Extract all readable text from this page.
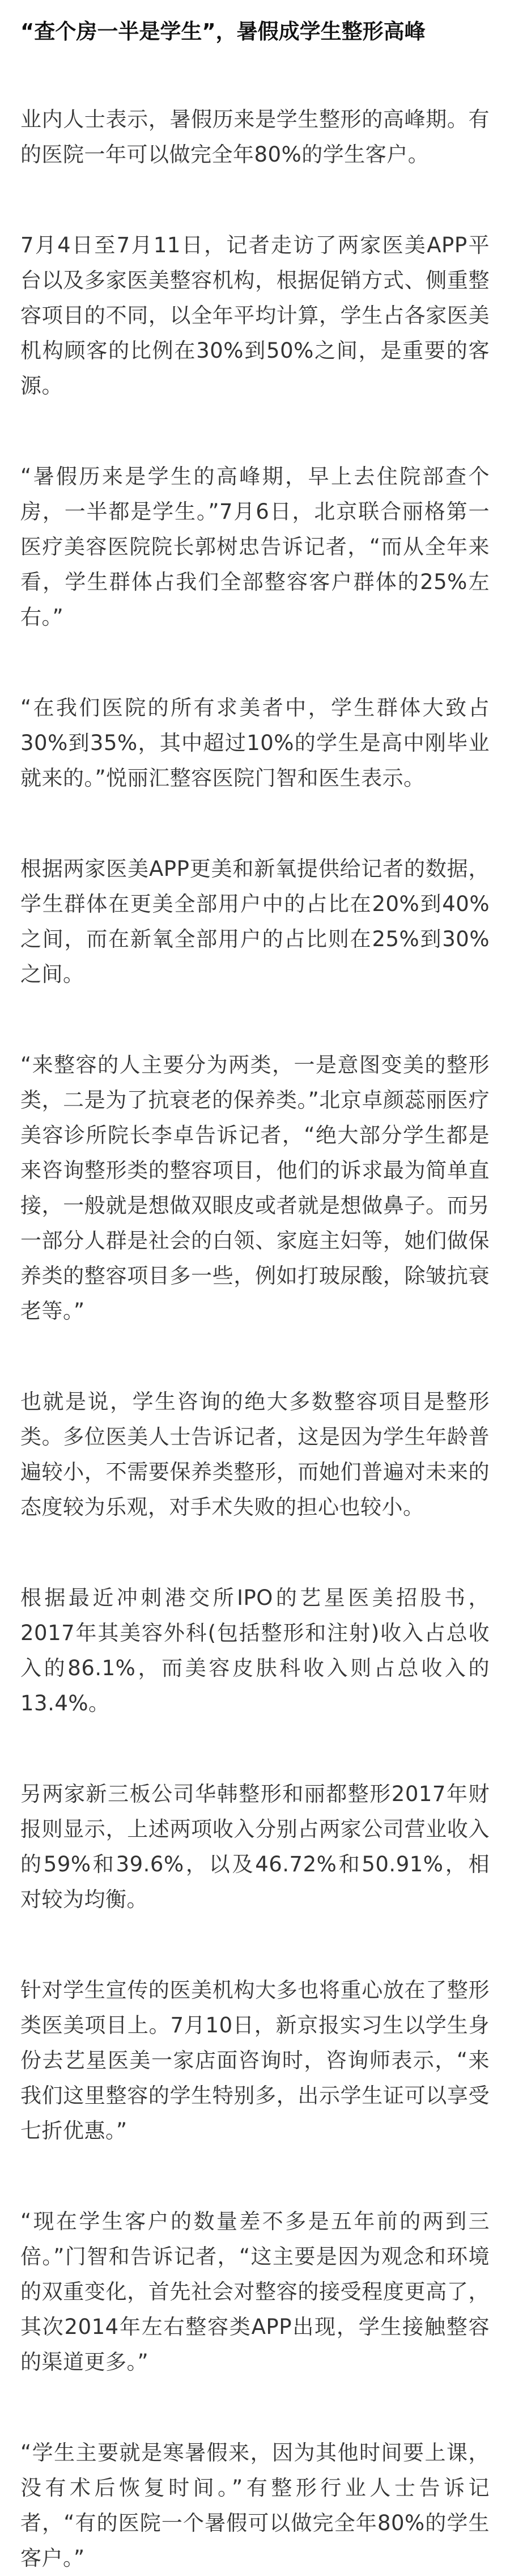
“查个房一半是学生”，暑假成学生整形高峰

业内人士表示，暑假历来是学生整形的高峰期。有的医院一年可以做完全年80%的学生客户。

7月4日至7月11日，记者走访了两家医美APP平台以及多家医美整容机构，根据促销方式、侧重整容项目的不同，以全年平均计算，学生占各家医美机构顾客的比例在30%到50%之间，是重要的客源。

“暑假历来是学生的高峰期，早上去住院部查个房，一半都是学生。”7月6日，北京联合丽格第一医疗美容医院院长郭树忠告诉记者，“而从全年来看，学生群体占我们全部整容客户群体的25%左右。”

“在我们医院的所有求美者中，学生群体大致占30%到35%，其中超过10%的学生是高中刚毕业就来的。”悦丽汇整容医院门智和医生表示。

根据两家医美APP更美和新氧提供给记者的数据，学生群体在更美全部用户中的占比在20%到40%之间，而在新氧全部用户的占比则在25%到30%之间。

“来整容的人主要分为两类，一是意图变美的整形类，二是为了抗衰老的保养类。”北京卓颜蕊丽医疗美容诊所院长李卓告诉记者，“绝大部分学生都是来咨询整形类的整容项目，他们的诉求最为简单直接，一般就是想做双眼皮或者就是想做鼻子。而另一部分人群是社会的白领、家庭主妇等，她们做保养类的整容项目多一些，例如打玻尿酸，除皱抗衰老等。”

也就是说，学生咨询的绝大多数整容项目是整形类。多位医美人士告诉记者，这是因为学生年龄普遍较小，不需要保养类整形，而她们普遍对未来的态度较为乐观，对手术失败的担心也较小。

根据最近冲刺港交所IPO的艺星医美招股书，2017年其美容外科(包括整形和注射)收入占总收入的86.1%，而美容皮肤科收入则占总收入的13.4%。

另两家新三板公司华韩整形和丽都整形2017年财报则显示，上述两项收入分别占两家公司营业收入的59%和39.6%，以及46.72%和50.91%，相对较为均衡。

针对学生宣传的医美机构大多也将重心放在了整形类医美项目上。7月10日，新京报实习生以学生身份去艺星医美一家店面咨询时，咨询师表示，“来我们这里整容的学生特别多，出示学生证可以享受七折优惠。”

“现在学生客户的数量差不多是五年前的两到三倍。”门智和告诉记者，“这主要是因为观念和环境的双重变化，首先社会对整容的接受程度更高了，其次2014年左右整容类APP出现，学生接触整容的渠道更多。”

“学生主要就是寒暑假来，因为其他时间要上课，没有术后恢复时间。”有整形行业人士告诉记者，“有的医院一个暑假可以做完全年80%的学生客户。”
